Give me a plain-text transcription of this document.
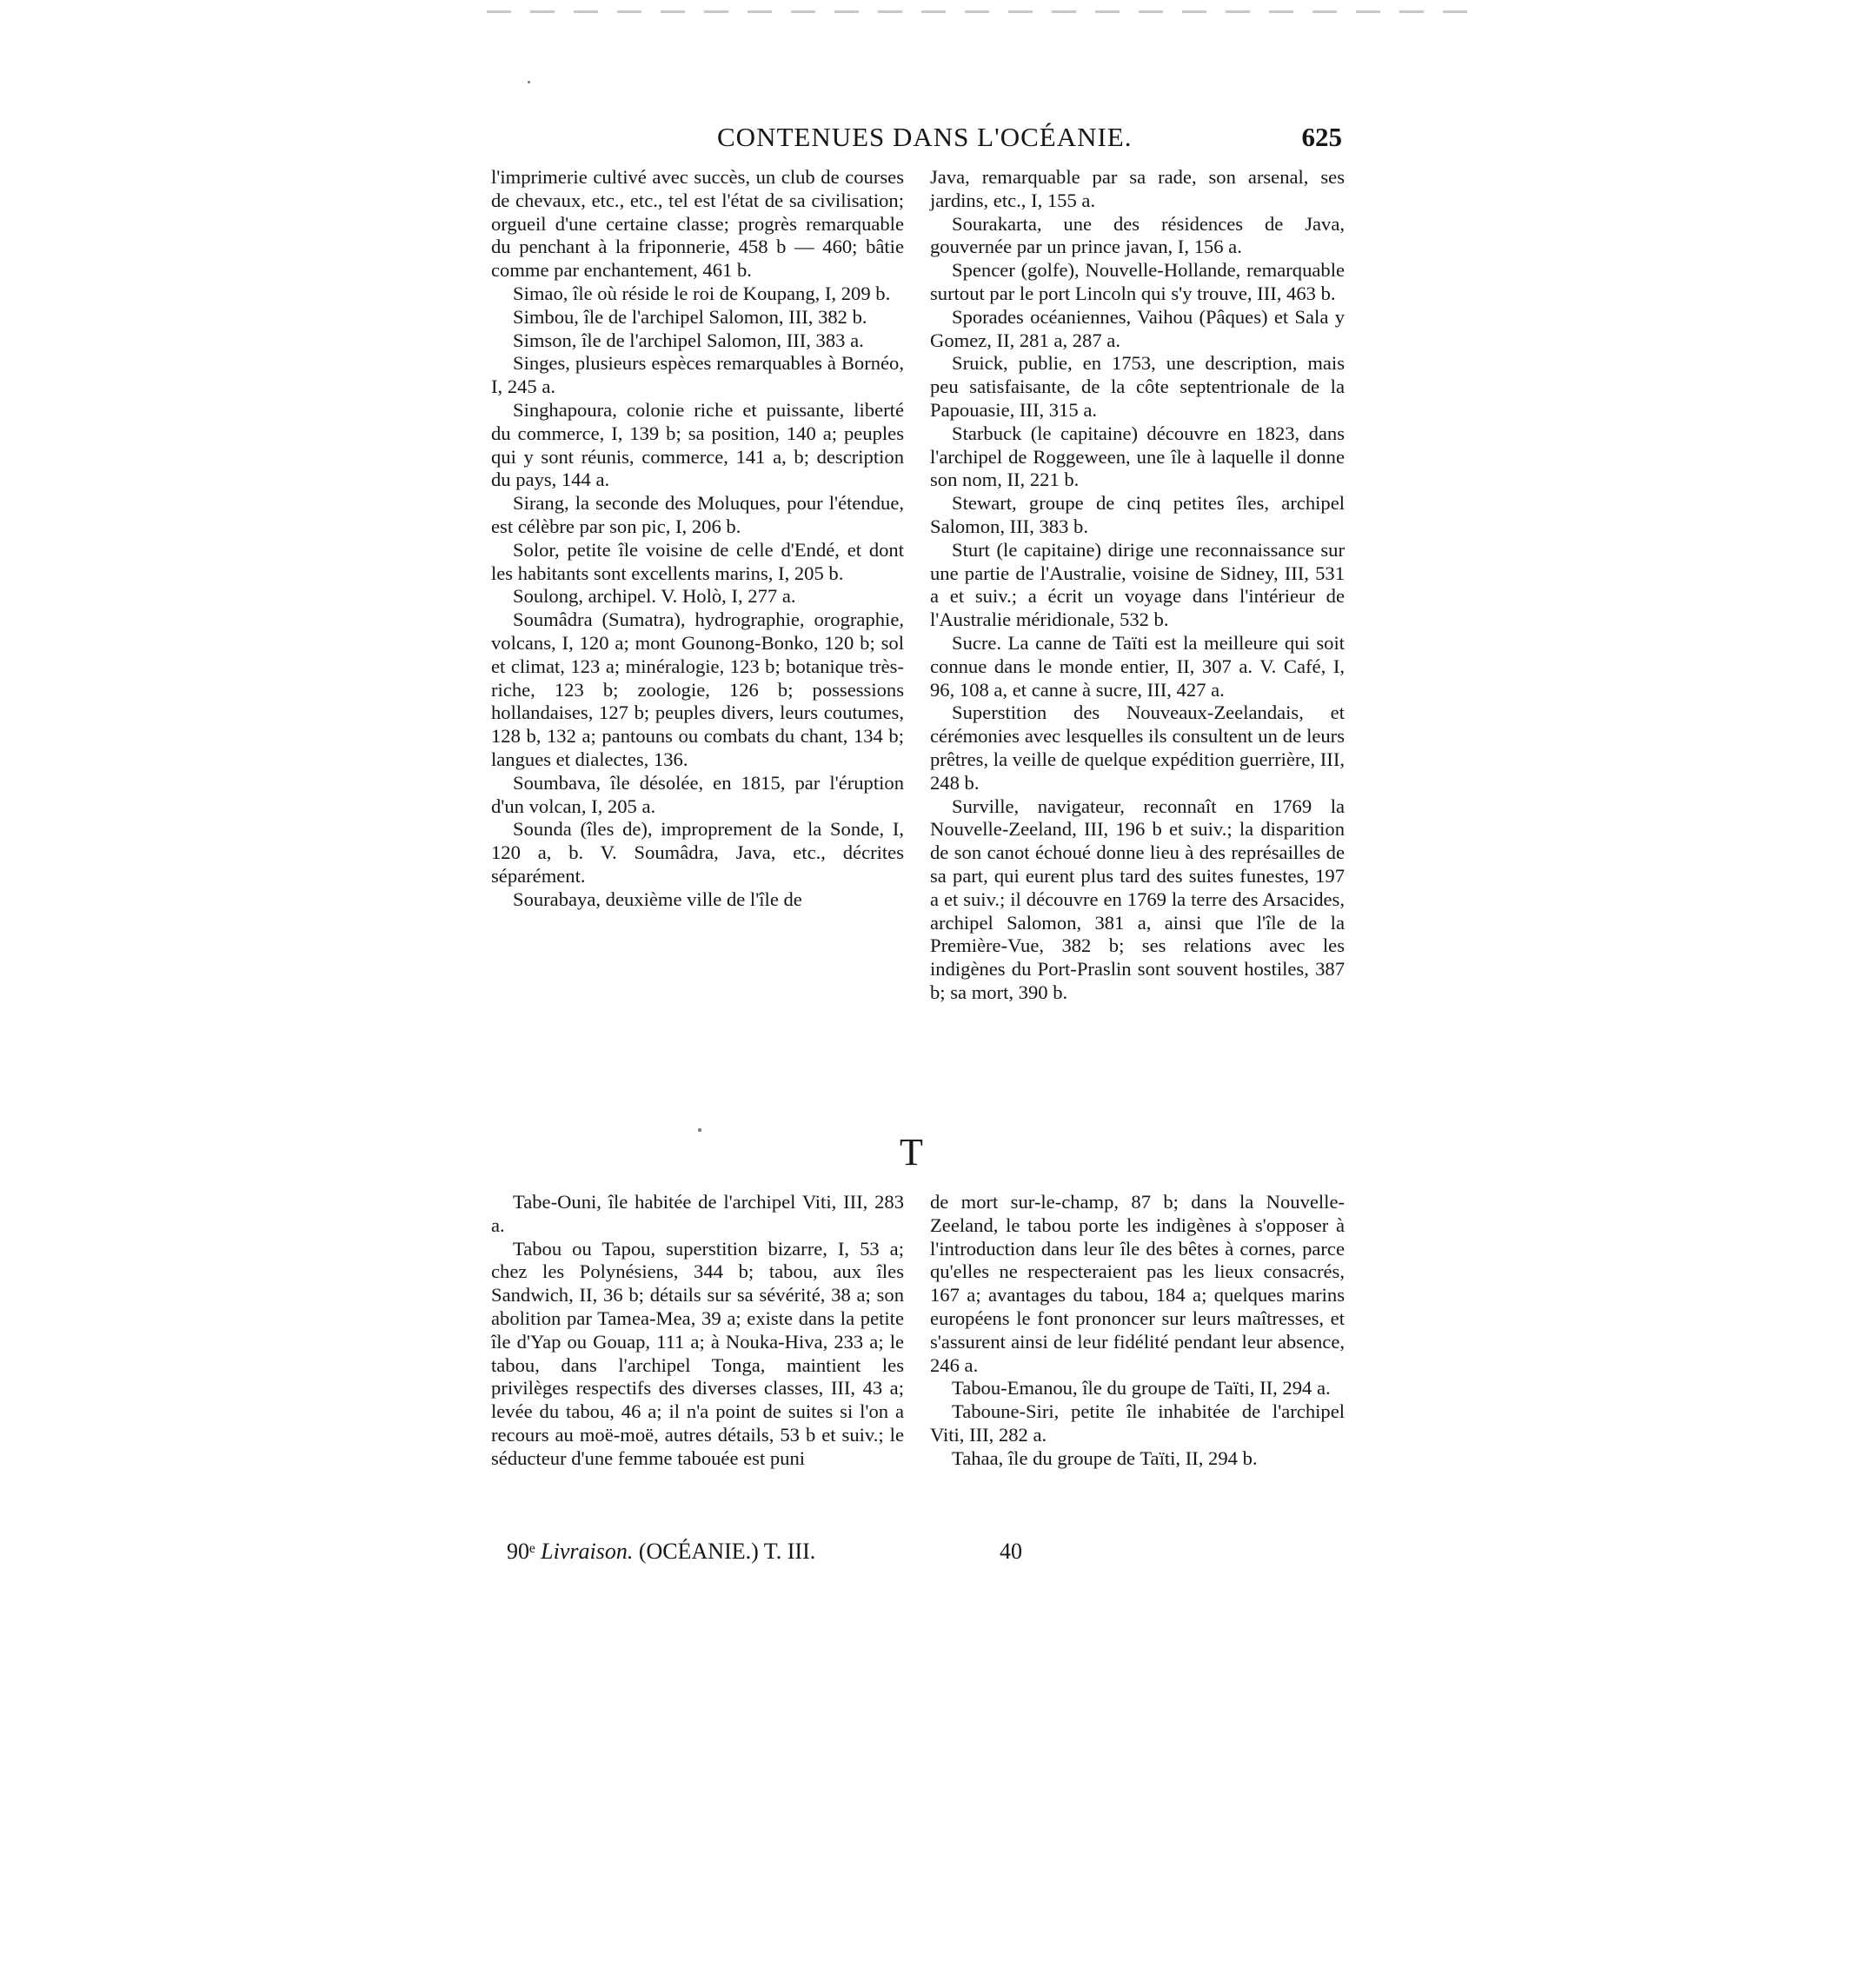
CONTENUES DANS L'OCÉANIE.	625

l'imprimerie cultivé avec succès, un club de courses de chevaux, etc., etc., tel est l'état de sa civilisation; orgueil d'une certaine classe; progrès remarquable du penchant à la friponnerie, 458 b — 460; bâtie comme par enchantement, 461 b.

Simao, île où réside le roi de Koupang, I, 209 b.

Simbou, île de l'archipel Salomon, III, 382 b.

Simson, île de l'archipel Salomon, III, 383 a.

Singes, plusieurs espèces remarquables à Bornéo, I, 245 a.

Singhapoura, colonie riche et puissante, liberté du commerce, I, 139 b; sa position, 140 a; peuples qui y sont réunis, commerce, 141 a, b; description du pays, 144 a.

Sirang, la seconde des Moluques, pour l'étendue, est célèbre par son pic, I, 206 b.

Solor, petite île voisine de celle d'Endé, et dont les habitants sont excellents marins, I, 205 b.

Soulong, archipel. V. Holò, I, 277 a.

Soumâdra (Sumatra), hydrographie, orographie, volcans, I, 120 a; mont Gounong-Bonko, 120 b; sol et climat, 123 a; minéralogie, 123 b; botanique très-riche, 123 b; zoologie, 126 b; possessions hollandaises, 127 b; peuples divers, leurs coutumes, 128 b, 132 a; pantouns ou combats du chant, 134 b; langues et dialectes, 136.

Soumbava, île désolée, en 1815, par l'éruption d'un volcan, I, 205 a.

Sounda (îles de), improprement de la Sonde, I, 120 a, b. V. Soumâdra, Java, etc., décrites séparément.

Sourabaya, deuxième ville de l'île de

Java, remarquable par sa rade, son arsenal, ses jardins, etc., I, 155 a.

Sourakarta, une des résidences de Java, gouvernée par un prince javan, I, 156 a.

Spencer (golfe), Nouvelle-Hollande, remarquable surtout par le port Lincoln qui s'y trouve, III, 463 b.

Sporades océaniennes, Vaihou (Pâques) et Sala y Gomez, II, 281 a, 287 a.

Sruick, publie, en 1753, une description, mais peu satisfaisante, de la côte septentrionale de la Papouasie, III, 315 a.

Starbuck (le capitaine) découvre en 1823, dans l'archipel de Roggeween, une île à laquelle il donne son nom, II, 221 b.

Stewart, groupe de cinq petites îles, archipel Salomon, III, 383 b.

Sturt (le capitaine) dirige une reconnaissance sur une partie de l'Australie, voisine de Sidney, III, 531 a et suiv.; a écrit un voyage dans l'intérieur de l'Australie méridionale, 532 b.

Sucre. La canne de Taïti est la meilleure qui soit connue dans le monde entier, II, 307 a. V. Café, I, 96, 108 a, et canne à sucre, III, 427 a.

Superstition des Nouveaux-Zeelandais, et cérémonies avec lesquelles ils consultent un de leurs prêtres, la veille de quelque expédition guerrière, III, 248 b.

Surville, navigateur, reconnaît en 1769 la Nouvelle-Zeeland, III, 196 b et suiv.; la disparition de son canot échoué donne lieu à des représailles de sa part, qui eurent plus tard des suites funestes, 197 a et suiv.; il découvre en 1769 la terre des Arsacides, archipel Salomon, 381 a, ainsi que l'île de la Première-Vue, 382 b; ses relations avec les indigènes du Port-Praslin sont souvent hostiles, 387 b; sa mort, 390 b.

T

Tabe-Ouni, île habitée de l'archipel Viti, III, 283 a.

Tabou ou Tapou, superstition bizarre, I, 53 a; chez les Polynésiens, 344 b; tabou, aux îles Sandwich, II, 36 b; détails sur sa sévérité, 38 a; son abolition par Tamea-Mea, 39 a; existe dans la petite île d'Yap ou Gouap, 111 a; à Nouka-Hiva, 233 a; le tabou, dans l'archipel Tonga, maintient les privilèges respectifs des diverses classes, III, 43 a; levée du tabou, 46 a; il n'a point de suites si l'on a recours au moë-moë, autres détails, 53 b et suiv.; le séducteur d'une femme tabouée est puni

de mort sur-le-champ, 87 b; dans la Nouvelle-Zeeland, le tabou porte les indigènes à s'opposer à l'introduction dans leur île des bêtes à cornes, parce qu'elles ne respecteraient pas les lieux consacrés, 167 a; avantages du tabou, 184 a; quelques marins européens le font prononcer sur leurs maîtresses, et s'assurent ainsi de leur fidélité pendant leur absence, 246 a.

Tabou-Emanou, île du groupe de Taïti, II, 294 a.

Taboune-Siri, petite île inhabitée de l'archipel Viti, III, 282 a.

Tahaa, île du groupe de Taïti, II, 294 b.

90ᵉ Livraison. (OCÉANIE.) T. III.	40
